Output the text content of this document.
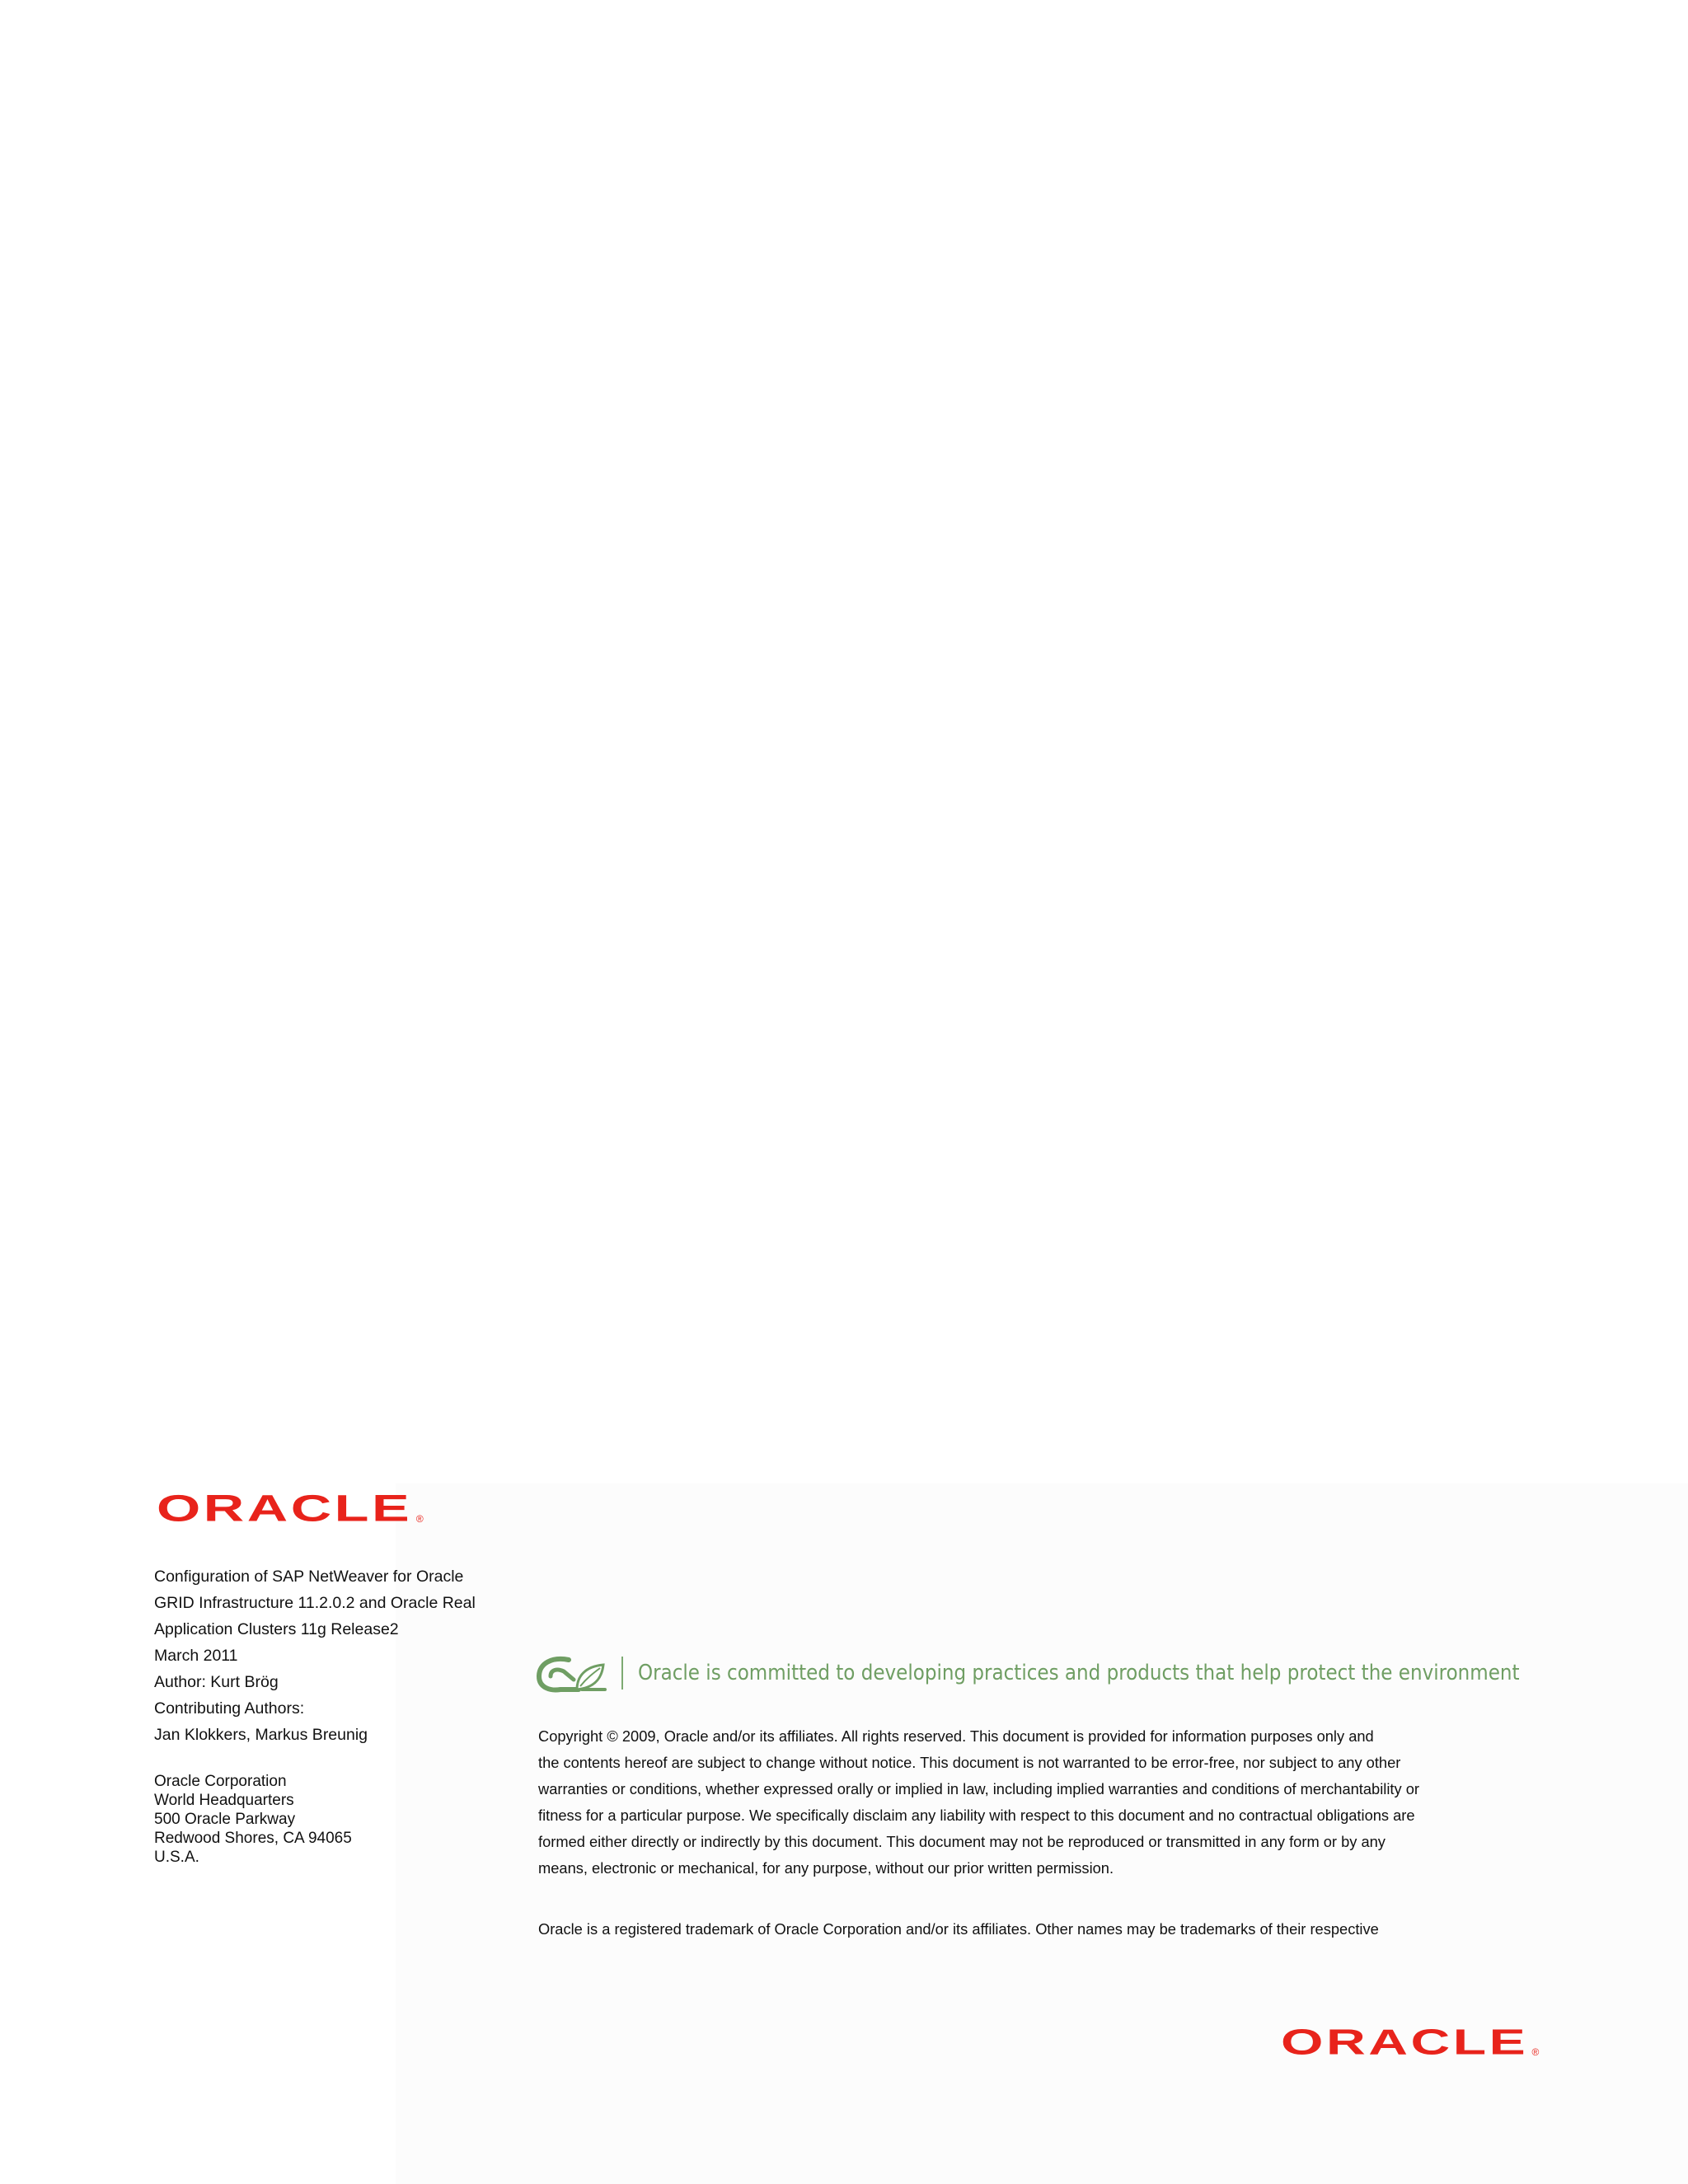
ORACLE ®
Configuration of SAP NetWeaver for Oracle
GRID Infrastructure 11.2.0.2 and Oracle Real
Application Clusters 11g Release2
March 2011
Author: Kurt Brög
Contributing Authors:
Jan Klokkers, Markus Breunig
Oracle Corporation
World Headquarters
500 Oracle Parkway
Redwood Shores, CA 94065
U.S.A.
Oracle is committed to developing practices and products that help protect the environment
Copyright © 2009, Oracle and/or its affiliates. All rights reserved. This document is provided for information purposes only and
the contents hereof are subject to change without notice. This document is not warranted to be error-free, nor subject to any other
warranties or conditions, whether expressed orally or implied in law, including implied warranties and conditions of merchantability or
fitness for a particular purpose. We specifically disclaim any liability with respect to this document and no contractual obligations are
formed either directly or indirectly by this document. This document may not be reproduced or transmitted in any form or by any
means, electronic or mechanical, for any purpose, without our prior written permission.
Oracle is a registered trademark of Oracle Corporation and/or its affiliates. Other names may be trademarks of their respective
ORACLE ®
